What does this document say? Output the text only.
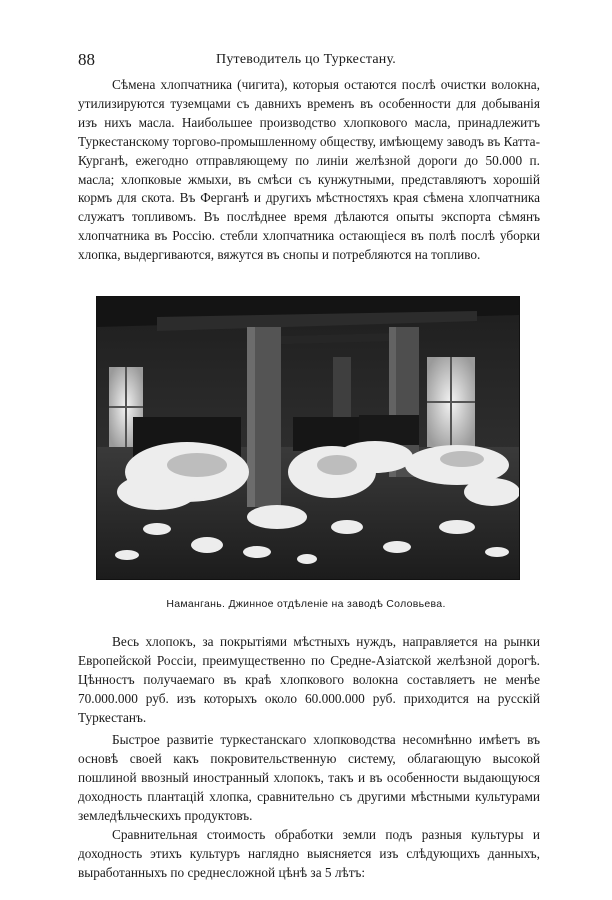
88	Путеводитель цо Туркестану.

Сѣмена хлопчатника (чигита), которыя остаются послѣ очистки волокна, утилизируются туземцами съ давнихъ временъ въ особенности для добыванія изъ нихъ масла. Наибольшее производство хлопкового масла, принадлежитъ Туркестанскому торгово-промышленному обществу, имѣющему заводъ въ Катта-Курганѣ, ежегодно отправляющему по линіи желѣзной дороги до 50.000 п. масла; хлопковые жмыхи, въ смѣси съ кунжутными, представляютъ хорошій кормъ для скота. Въ Ферганѣ и другихъ мѣстностяхъ края сѣмена хлопчатника служатъ топливомъ. Въ послѣднее время дѣлаются опыты экспорта сѣмянъ хлопчатника въ Россію. стебли хлопчатника остающіеся въ полѣ послѣ уборки хлопка, выдергиваются, вяжутся въ снопы и потребляются на топливо.

Намангань. Джинное отдѣленіе на заводѣ Соловьева.

Весь хлопокъ, за покрытіями мѣстныхъ нуждъ, направляется на рынки Европейской Россіи, преимущественно по Средне-Азіатской желѣзной дорогѣ. Цѣнностъ получаемаго въ краѣ хлопкового волокна составляетъ не менѣе 70.000.000 руб. изъ которыхъ около 60.000.000 руб. приходится на русскій Туркестанъ.

Быстрое развитіе туркестанскаго хлопководства несомнѣнно имѣетъ въ основѣ своей какъ покровительственную систему, облагающую высокой пошлиной ввозный иностранный хлопокъ, такъ и въ особенности выдающуюся доходность плантацій хлопка, сравнительно съ другими мѣстными культурами земледѣльческихъ продуктовъ.

Сравнительная стоимость обработки земли подъ разныя культуры и доходность этихъ культуръ наглядно выясняется изъ слѣдующихъ данныхъ, выработанныхъ по среднеслoжной цѣнѣ за 5 лѣтъ:
